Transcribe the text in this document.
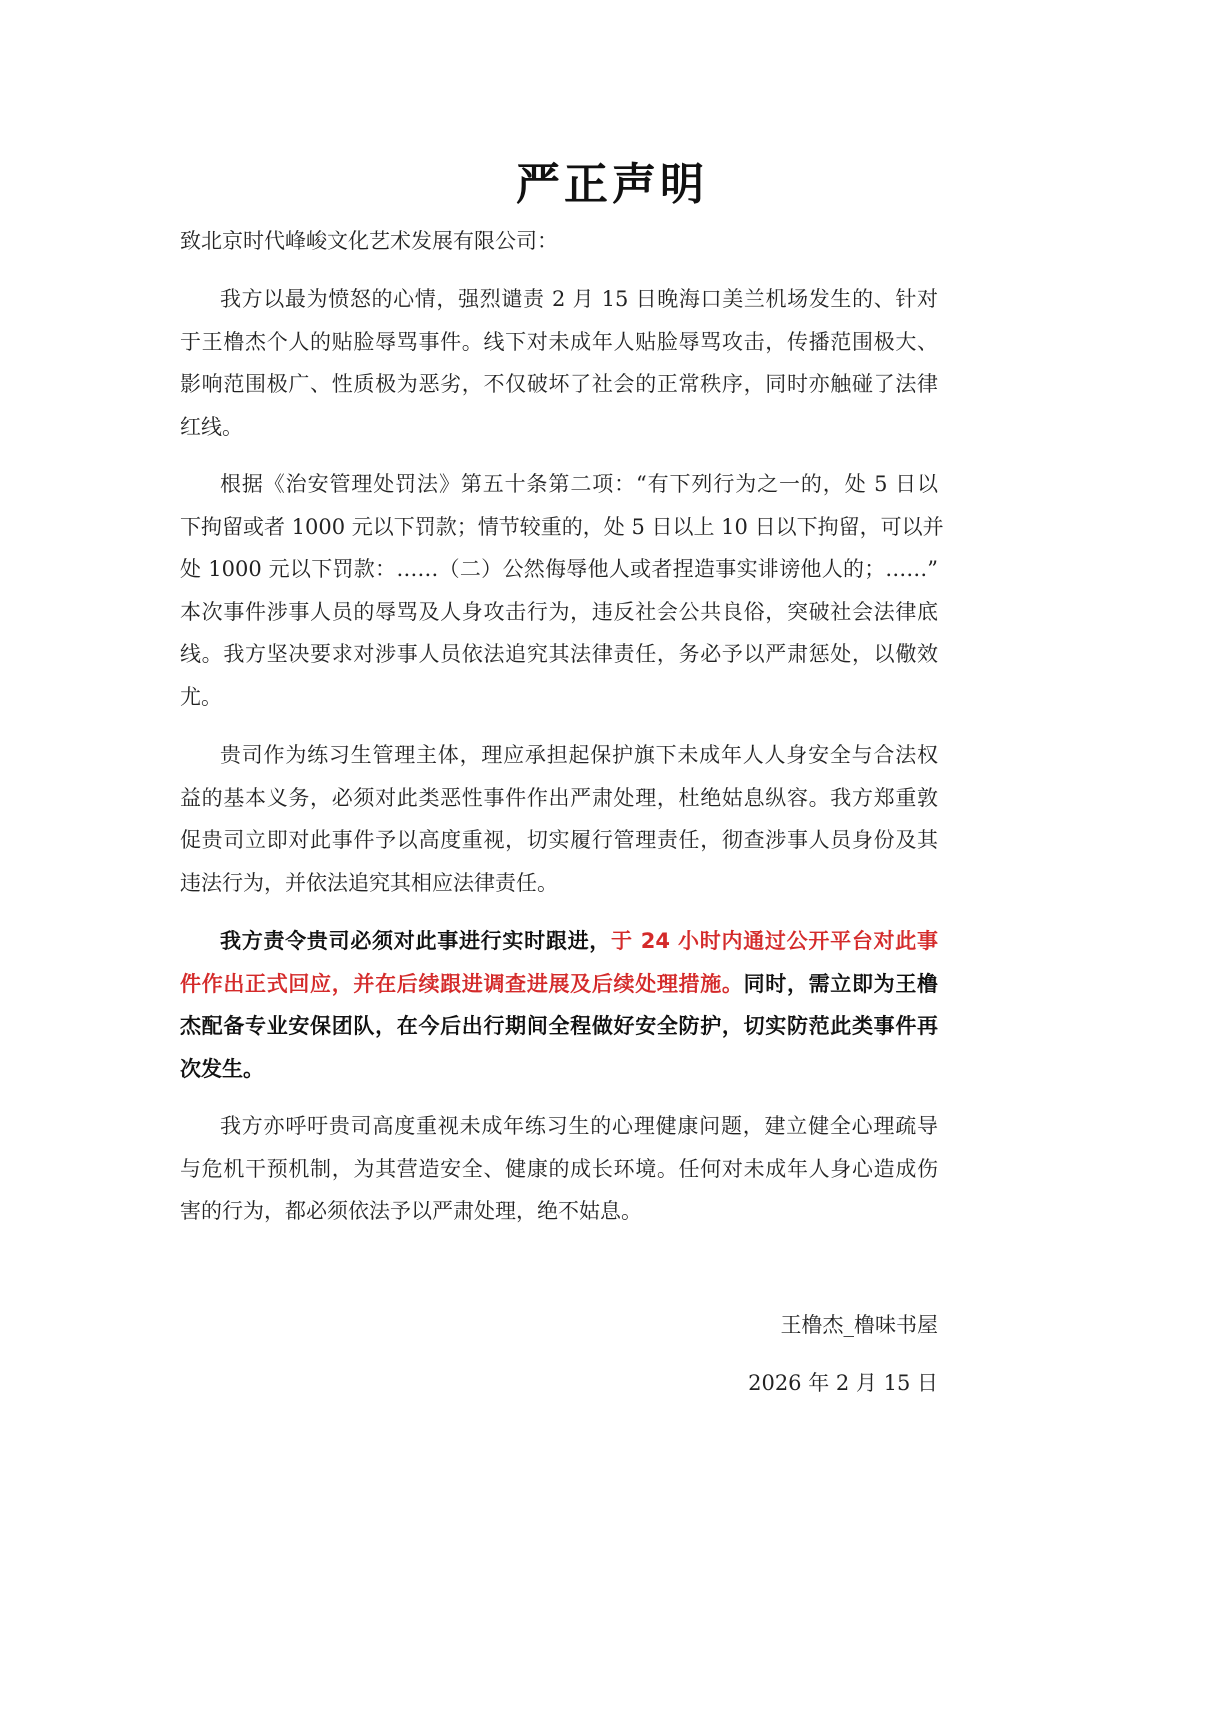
严正声明
致北京时代峰峻文化艺术发展有限公司：
我方以最为愤怒的心情，强烈谴责 2 月 15 日晚海口美兰机场发生的、针对
于王橹杰个人的贴脸辱骂事件。线下对未成年人贴脸辱骂攻击，传播范围极大、
影响范围极广、性质极为恶劣，不仅破坏了社会的正常秩序，同时亦触碰了法律
红线。
根据《治安管理处罚法》第五十条第二项：“有下列行为之一的，处 5 日以
下拘留或者 1000 元以下罚款；情节较重的，处 5 日以上 10 日以下拘留，可以并
处 1000 元以下罚款：……（二）公然侮辱他人或者捏造事实诽谤他人的；……”
本次事件涉事人员的辱骂及人身攻击行为，违反社会公共良俗，突破社会法律底
线。我方坚决要求对涉事人员依法追究其法律责任，务必予以严肃惩处，以儆效
尤。
贵司作为练习生管理主体，理应承担起保护旗下未成年人人身安全与合法权
益的基本义务，必须对此类恶性事件作出严肃处理，杜绝姑息纵容。我方郑重敦
促贵司立即对此事件予以高度重视，切实履行管理责任，彻查涉事人员身份及其
违法行为，并依法追究其相应法律责任。
我方责令贵司必须对此事进行实时跟进，于 24 小时内通过公开平台对此事
件作出正式回应，并在后续跟进调查进展及后续处理措施。同时，需立即为王橹
杰配备专业安保团队，在今后出行期间全程做好安全防护，切实防范此类事件再
次发生。
我方亦呼吁贵司高度重视未成年练习生的心理健康问题，建立健全心理疏导
与危机干预机制，为其营造安全、健康的成长环境。任何对未成年人身心造成伤
害的行为，都必须依法予以严肃处理，绝不姑息。
王橹杰_橹味书屋
2026 年 2 月 15 日
